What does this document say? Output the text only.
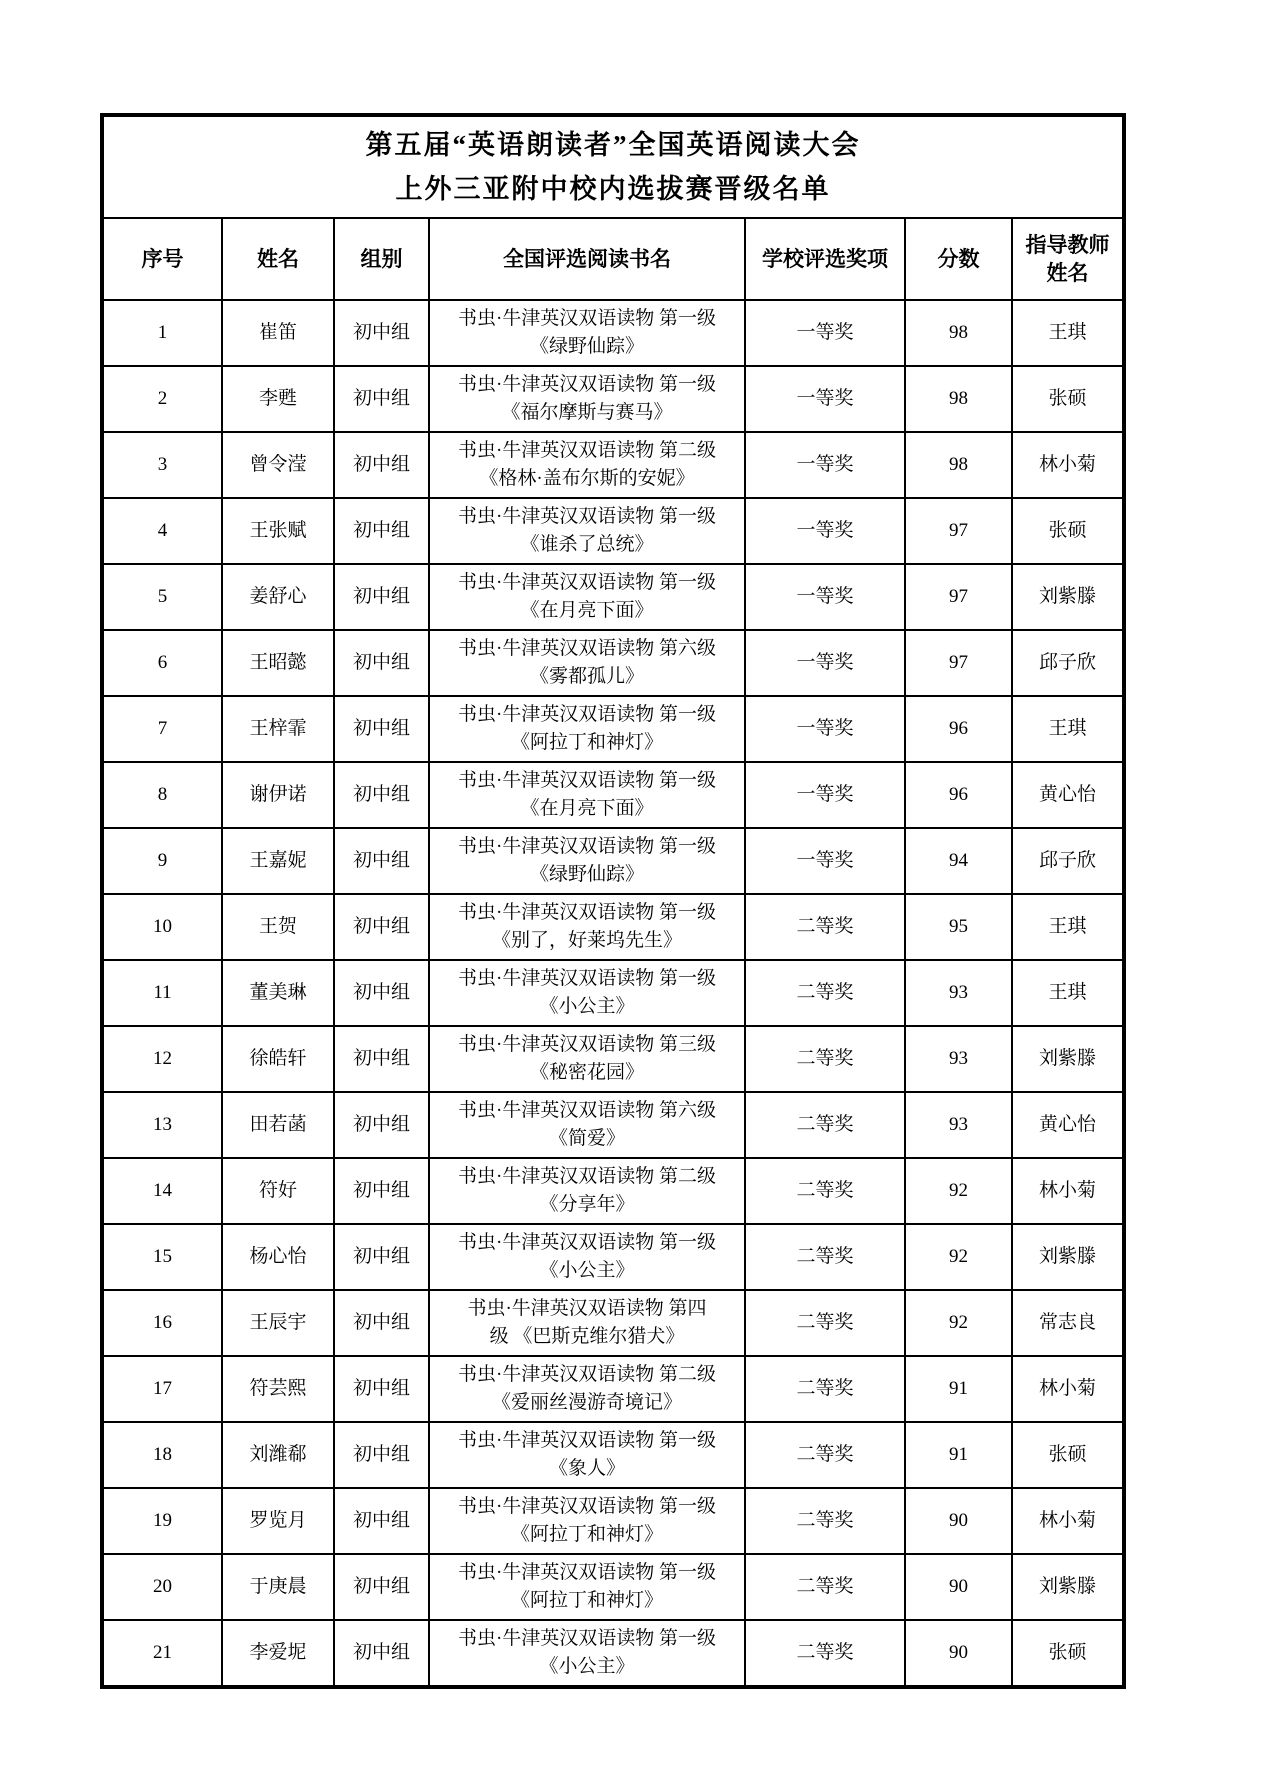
第五届“英语朗读者”全国英语阅读大会
上外三亚附中校内选拔赛晋级名单						

序号	姓名	组别	全国评选阅读书名	学校评选奖项	分数	指导教师姓名
1	崔笛	初中组	书虫·牛津英汉双语读物 第一级
《绿野仙踪》	一等奖	98	王琪
2	李甦	初中组	书虫·牛津英汉双语读物 第一级
《福尔摩斯与赛马》	一等奖	98	张硕
3	曾令滢	初中组	书虫·牛津英汉双语读物 第二级
《格林·盖布尔斯的安妮》	一等奖	98	林小菊
4	王张赋	初中组	书虫·牛津英汉双语读物 第一级
《谁杀了总统》	一等奖	97	张硕
5	姜舒心	初中组	书虫·牛津英汉双语读物 第一级
《在月亮下面》	一等奖	97	刘紫滕
6	王昭懿	初中组	书虫·牛津英汉双语读物 第六级
《雾都孤儿》	一等奖	97	邱子欣
7	王梓霏	初中组	书虫·牛津英汉双语读物 第一级
《阿拉丁和神灯》	一等奖	96	王琪
8	谢伊诺	初中组	书虫·牛津英汉双语读物 第一级
《在月亮下面》	一等奖	96	黄心怡
9	王嘉妮	初中组	书虫·牛津英汉双语读物 第一级
《绿野仙踪》	一等奖	94	邱子欣
10	王贺	初中组	书虫·牛津英汉双语读物 第一级
《别了，好莱坞先生》	二等奖	95	王琪
11	董美琳	初中组	书虫·牛津英汉双语读物 第一级
《小公主》	二等奖	93	王琪
12	徐皓轩	初中组	书虫·牛津英汉双语读物 第三级
《秘密花园》	二等奖	93	刘紫滕
13	田若菡	初中组	书虫·牛津英汉双语读物 第六级
《简爱》	二等奖	93	黄心怡
14	符好	初中组	书虫·牛津英汉双语读物 第二级
《分享年》	二等奖	92	林小菊
15	杨心怡	初中组	书虫·牛津英汉双语读物 第一级
《小公主》	二等奖	92	刘紫滕
16	王辰宇	初中组	书虫·牛津英汉双语读物 第四
级 《巴斯克维尔猎犬》	二等奖	92	常志良
17	符芸熙	初中组	书虫·牛津英汉双语读物 第二级
《爱丽丝漫游奇境记》	二等奖	91	林小菊
18	刘潍郗	初中组	书虫·牛津英汉双语读物 第一级
《象人》	二等奖	91	张硕
19	罗览月	初中组	书虫·牛津英汉双语读物 第一级
《阿拉丁和神灯》	二等奖	90	林小菊
20	于庚晨	初中组	书虫·牛津英汉双语读物 第一级
《阿拉丁和神灯》	二等奖	90	刘紫滕
21	李爱坭	初中组	书虫·牛津英汉双语读物 第一级
《小公主》	二等奖	90	张硕
